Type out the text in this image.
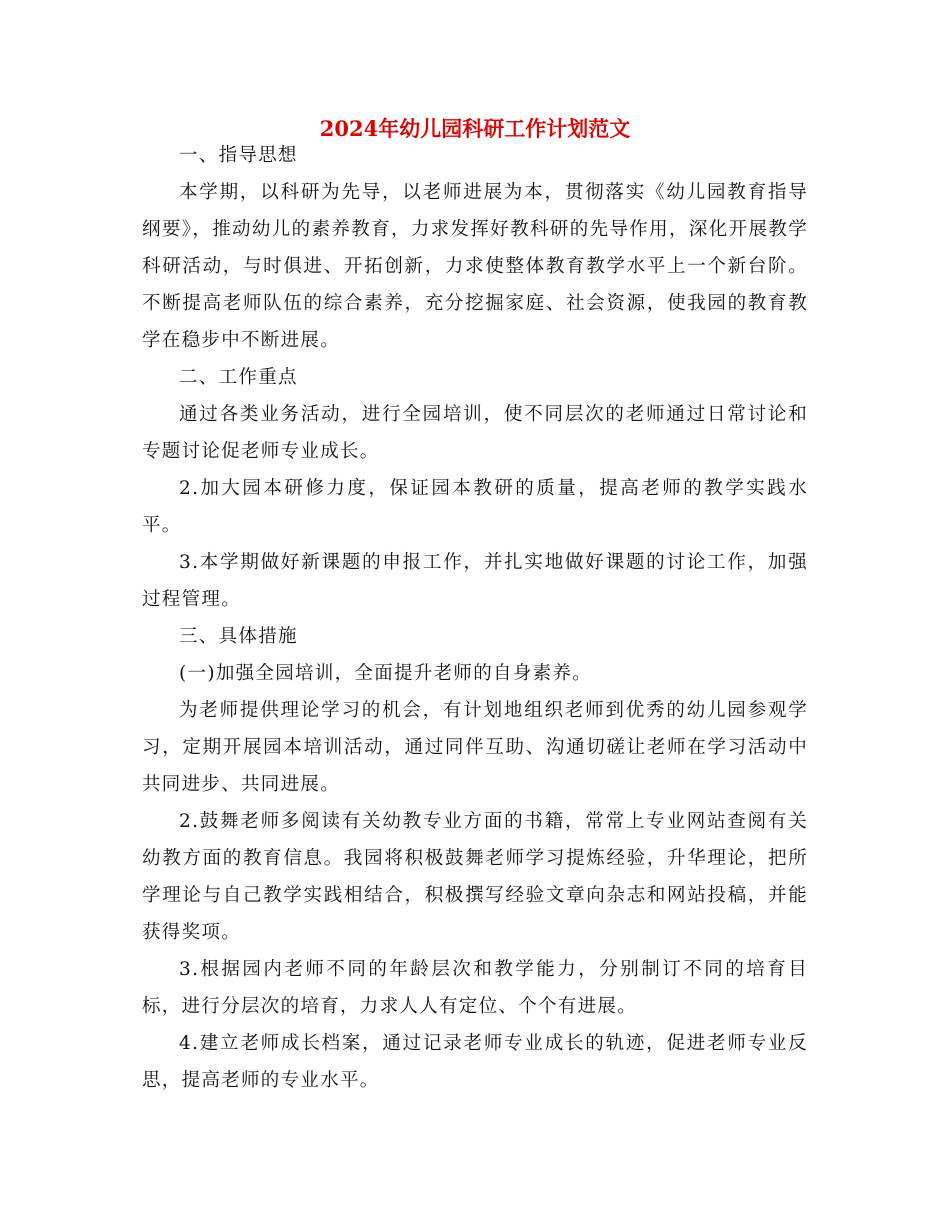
2024年幼儿园科研工作计划范文

一、指导思想

本学期，以科研为先导，以老师进展为本，贯彻落实《幼儿园教育指导纲要》，推动幼儿的素养教育，力求发挥好教科研的先导作用，深化开展教学科研活动，与时俱进、开拓创新，力求使整体教育教学水平上一个新台阶。不断提高老师队伍的综合素养，充分挖掘家庭、社会资源，使我园的教育教学在稳步中不断进展。

二、工作重点

通过各类业务活动，进行全园培训，使不同层次的老师通过日常讨论和专题讨论促老师专业成长。

2.加大园本研修力度，保证园本教研的质量，提高老师的教学实践水平。

3.本学期做好新课题的申报工作，并扎实地做好课题的讨论工作，加强过程管理。

三、具体措施

(一)加强全园培训，全面提升老师的自身素养。

为老师提供理论学习的机会，有计划地组织老师到优秀的幼儿园参观学习，定期开展园本培训活动，通过同伴互助、沟通切磋让老师在学习活动中共同进步、共同进展。

2.鼓舞老师多阅读有关幼教专业方面的书籍，常常上专业网站查阅有关幼教方面的教育信息。我园将积极鼓舞老师学习提炼经验，升华理论，把所学理论与自己教学实践相结合，积极撰写经验文章向杂志和网站投稿，并能获得奖项。

3.根据园内老师不同的年龄层次和教学能力，分别制订不同的培育目标，进行分层次的培育，力求人人有定位、个个有进展。

4.建立老师成长档案，通过记录老师专业成长的轨迹，促进老师专业反思，提高老师的专业水平。
